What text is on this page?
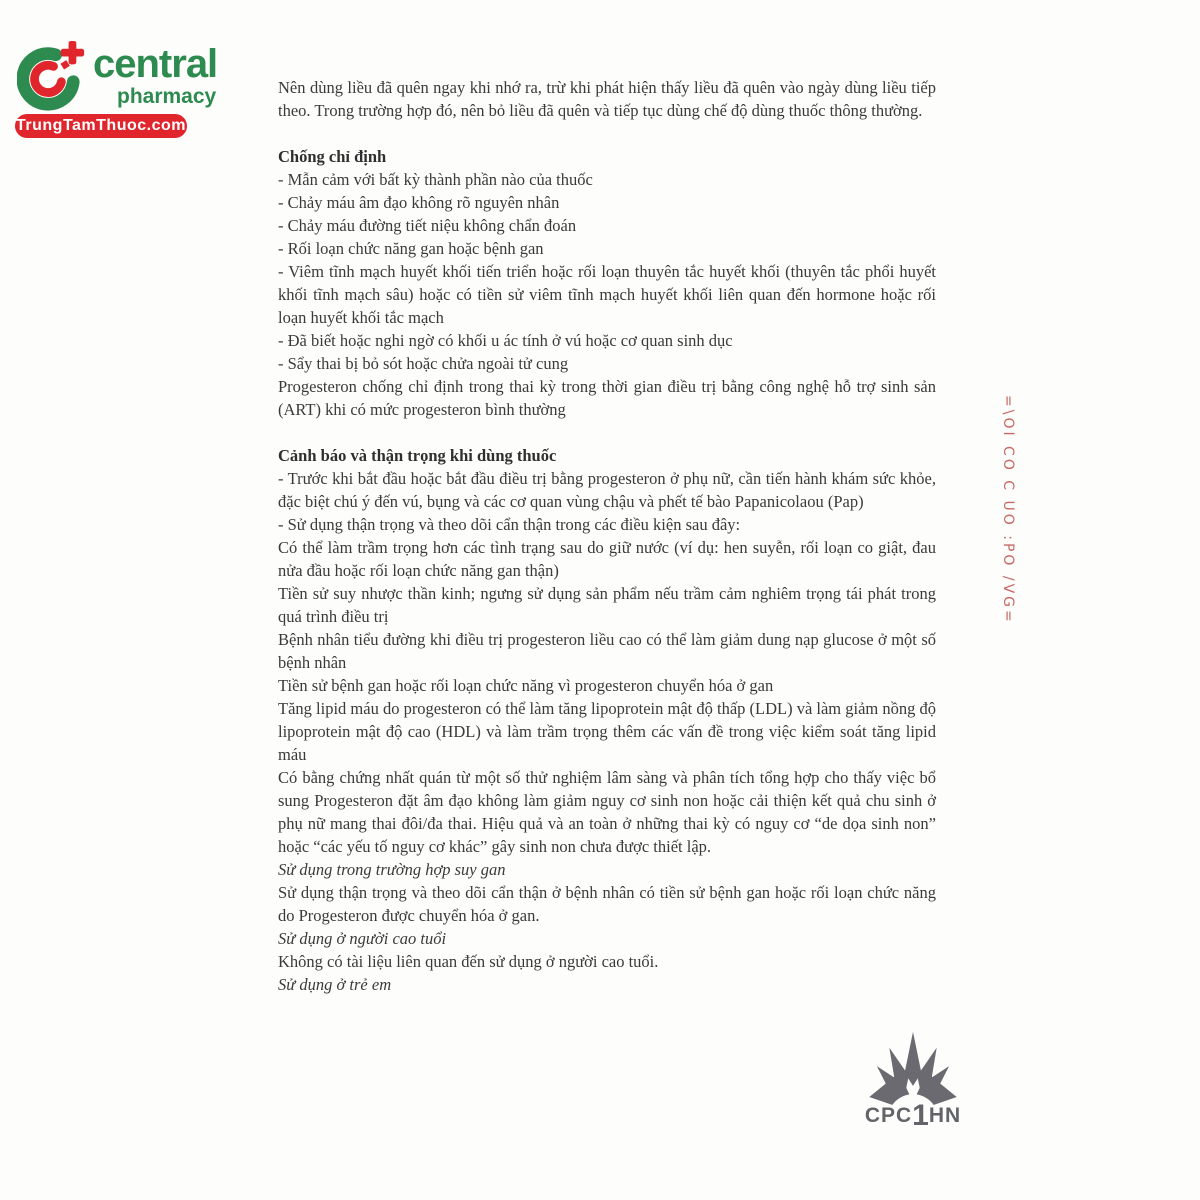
central
pharmacy
TrungTamThuoc.com

Nên dùng liều đã quên ngay khi nhớ ra, trừ khi phát hiện thấy liều đã quên vào ngày dùng liều tiếp theo. Trong trường hợp đó, nên bỏ liều đã quên và tiếp tục dùng chế độ dùng thuốc thông thường.

Chống chỉ định

- Mẫn cảm với bất kỳ thành phần nào của thuốc

- Chảy máu âm đạo không rõ nguyên nhân

- Chảy máu đường tiết niệu không chẩn đoán

- Rối loạn chức năng gan hoặc bệnh gan

- Viêm tĩnh mạch huyết khối tiến triển hoặc rối loạn thuyên tắc huyết khối (thuyên tắc phổi huyết khối tĩnh mạch sâu) hoặc có tiền sử viêm tĩnh mạch huyết khối liên quan đến hormone hoặc rối loạn huyết khối tắc mạch

- Đã biết hoặc nghi ngờ có khối u ác tính ở vú hoặc cơ quan sinh dục

- Sẩy thai bị bỏ sót hoặc chửa ngoài tử cung

Progesteron chống chỉ định trong thai kỳ trong thời gian điều trị bằng công nghệ hỗ trợ sinh sản (ART) khi có mức progesteron bình thường

Cảnh báo và thận trọng khi dùng thuốc

- Trước khi bắt đầu hoặc bắt đầu điều trị bằng progesteron ở phụ nữ, cần tiến hành khám sức khỏe, đặc biệt chú ý đến vú, bụng và các cơ quan vùng chậu và phết tế bào Papanicolaou (Pap)

- Sử dụng thận trọng và theo dõi cẩn thận trong các điều kiện sau đây:

Có thể làm trầm trọng hơn các tình trạng sau do giữ nước (ví dụ: hen suyễn, rối loạn co giật, đau nửa đầu hoặc rối loạn chức năng gan thận)

Tiền sử suy nhược thần kinh; ngưng sử dụng sản phẩm nếu trầm cảm nghiêm trọng tái phát trong quá trình điều trị

Bệnh nhân tiểu đường khi điều trị progesteron liều cao có thể làm giảm dung nạp glucose ở một số bệnh nhân

Tiền sử bệnh gan hoặc rối loạn chức năng vì progesteron chuyển hóa ở gan

Tăng lipid máu do progesteron có thể làm tăng lipoprotein mật độ thấp (LDL) và làm giảm nồng độ lipoprotein mật độ cao (HDL) và làm trầm trọng thêm các vấn đề trong việc kiểm soát tăng lipid máu

Có bằng chứng nhất quán từ một số thử nghiệm lâm sàng và phân tích tổng hợp cho thấy việc bổ sung Progesteron đặt âm đạo không làm giảm nguy cơ sinh non hoặc cải thiện kết quả chu sinh ở phụ nữ mang thai đôi/đa thai. Hiệu quả và an toàn ở những thai kỳ có nguy cơ “de dọa sinh non” hoặc “các yếu tố nguy cơ khác” gây sinh non chưa được thiết lập.

Sử dụng trong trường hợp suy gan

Sử dụng thận trọng và theo dõi cẩn thận ở bệnh nhân có tiền sử bệnh gan hoặc rối loạn chức năng do Progesteron được chuyển hóa ở gan.

Sử dụng ở người cao tuổi

Không có tài liệu liên quan đến sử dụng ở người cao tuổi.

Sử dụng ở trẻ em

=\OI CO C UO :PO /VG=
CPC1HN
